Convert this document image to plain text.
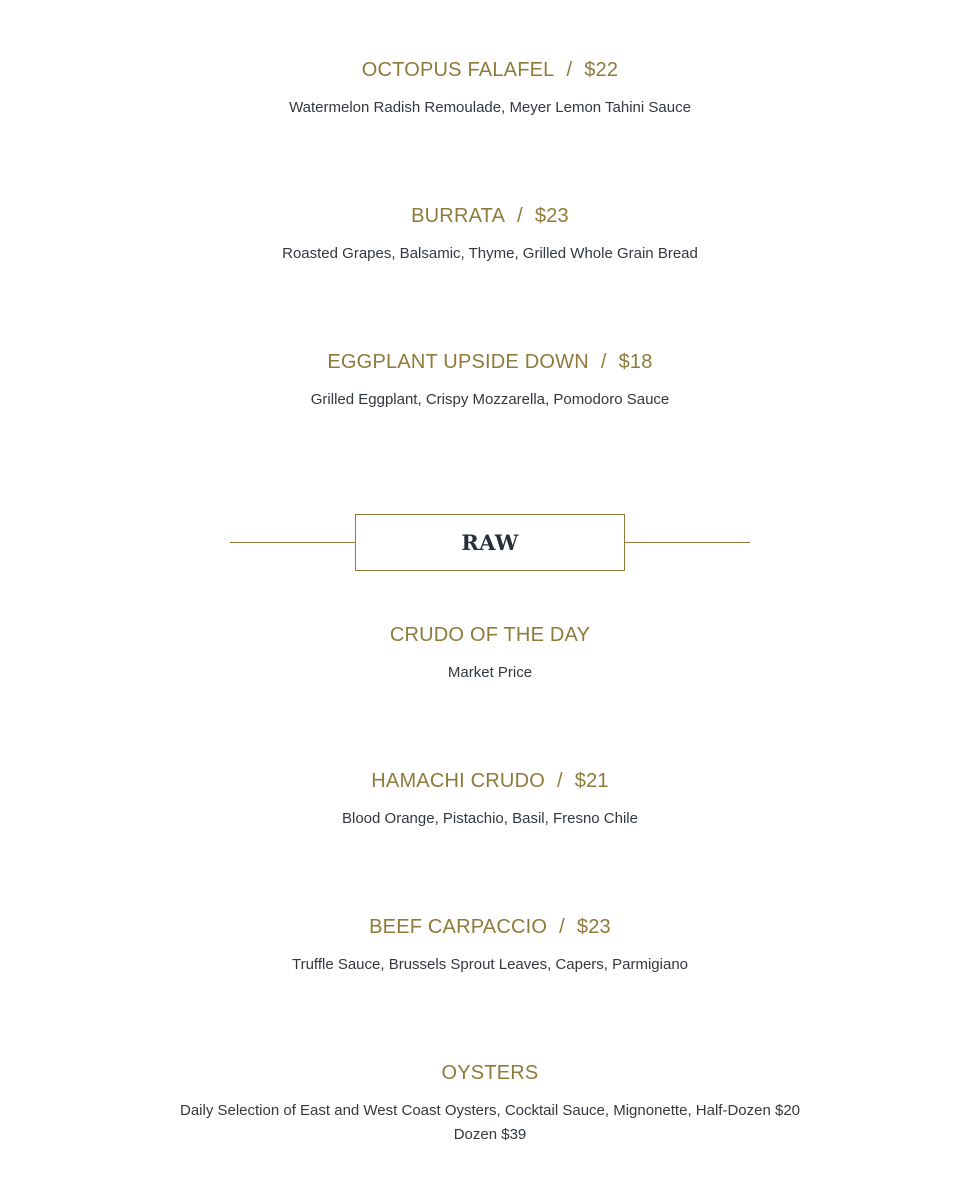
OCTOPUS FALAFEL / $22
Watermelon Radish Remoulade, Meyer Lemon Tahini Sauce
BURRATA / $23
Roasted Grapes, Balsamic, Thyme, Grilled Whole Grain Bread
EGGPLANT UPSIDE DOWN / $18
Grilled Eggplant, Crispy Mozzarella, Pomodoro Sauce
RAW
CRUDO OF THE DAY
Market Price
HAMACHI CRUDO / $21
Blood Orange, Pistachio, Basil, Fresno Chile
BEEF CARPACCIO / $23
Truffle Sauce, Brussels Sprout Leaves, Capers, Parmigiano
OYSTERS
Daily Selection of East and West Coast Oysters, Cocktail Sauce, Mignonette, Half-Dozen $20
Dozen $39
